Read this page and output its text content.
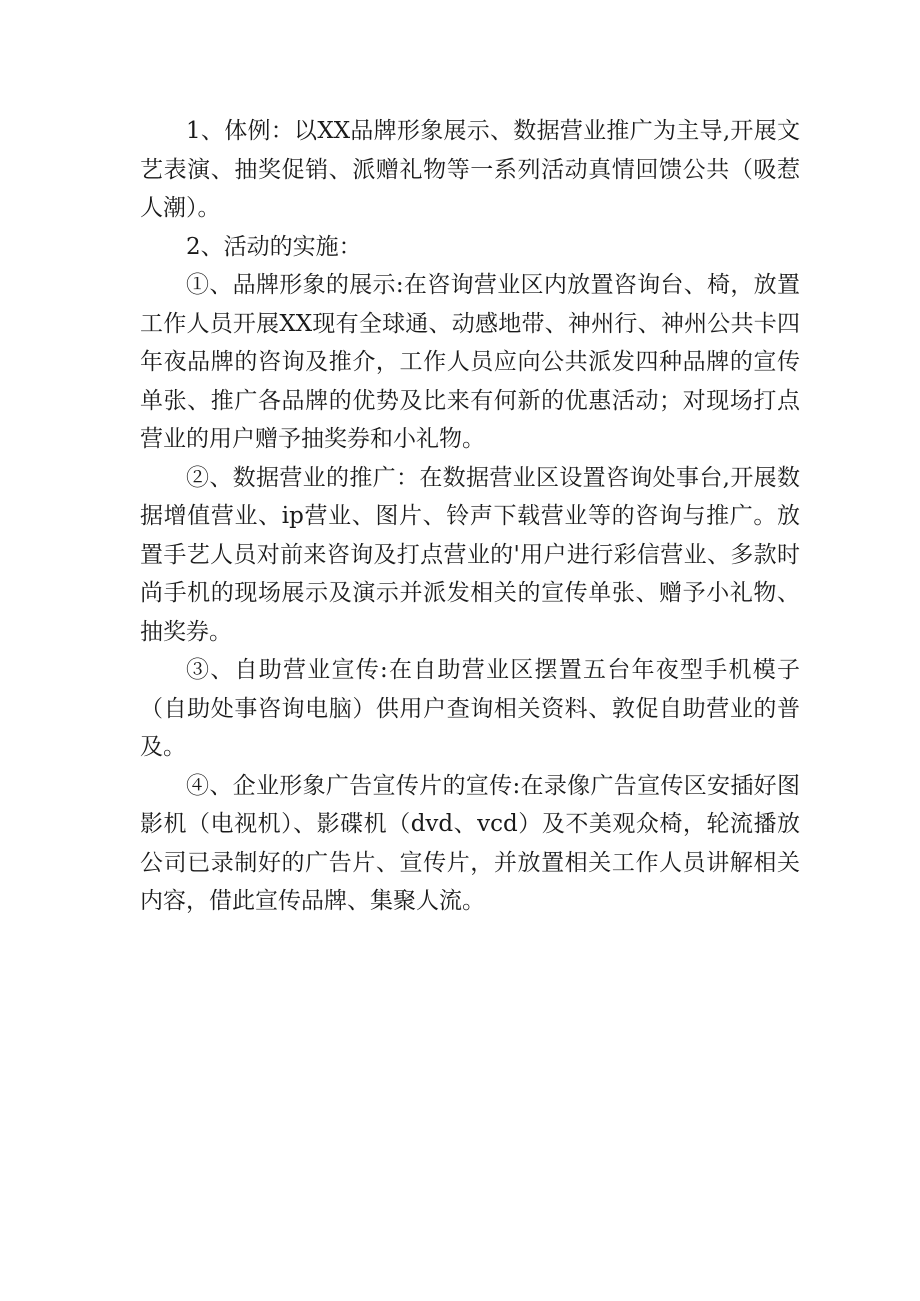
1、体例：以XX品牌形象展示、数据营业推广为主导,开展文艺表演、抽奖促销、派赠礼物等一系列活动真情回馈公共（吸惹人潮）。

2、活动的实施：

①、品牌形象的展示:在咨询营业区内放置咨询台、椅，放置工作人员开展XX现有全球通、动感地带、神州行、神州公共卡四年夜品牌的咨询及推介，工作人员应向公共派发四种品牌的宣传单张、推广各品牌的优势及比来有何新的优惠活动；对现场打点营业的用户赠予抽奖券和小礼物。

②、数据营业的推广：在数据营业区设置咨询处事台,开展数据增值营业、ip营业、图片、铃声下载营业等的咨询与推广。放置手艺人员对前来咨询及打点营业的'用户进行彩信营业、多款时尚手机的现场展示及演示并派发相关的宣传单张、赠予小礼物、抽奖券。

③、自助营业宣传:在自助营业区摆置五台年夜型手机模子（自助处事咨询电脑）供用户查询相关资料、敦促自助营业的普及。

④、企业形象广告宣传片的宣传:在录像广告宣传区安插好图影机（电视机）、影碟机（dvd、vcd）及不美观众椅，轮流播放公司已录制好的广告片、宣传片，并放置相关工作人员讲解相关内容，借此宣传品牌、集聚人流。
